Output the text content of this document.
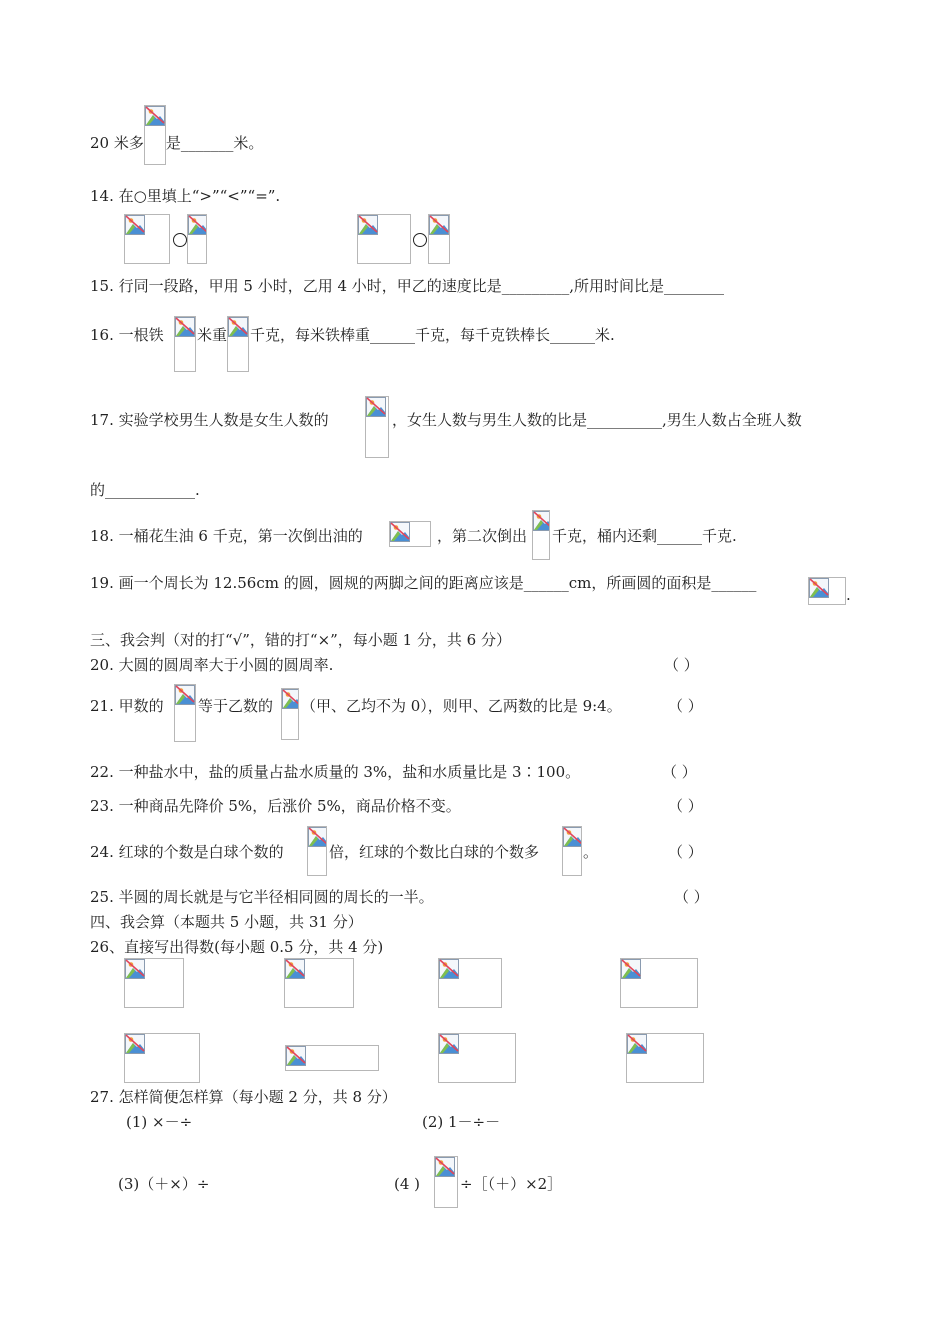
20 米多 是_______米。
14. 在○里填上“>”“<”“=”.
15. 行同一段路，甲用 5 小时，乙用 4 小时，甲乙的速度比是_________,所用时间比是________
16. 一根铁 米重 千克，每米铁棒重______千克，每千克铁棒长______米.
17. 实验学校男生人数是女生人数的	，女生人数与男生人数的比是__________,男生人数占全班人数
的____________.
18. 一桶花生油 6 千克，第一次倒出油的	，第二次倒出 千克，桶内还剩______千克.
19. 画一个周长为 12.56cm 的圆，圆规的两脚之间的距离应该是______cm，所画圆的面积是______
.
三、我会判（对的打“√”，错的打“×”，每小题 1 分，共 6 分）
20. 大圆的圆周率大于小圆的圆周率.	（ ）
21. 甲数的 等于乙数的 （甲、乙均不为 0），则甲、乙两数的比是 9:4。	（ ）
22. 一种盐水中，盐的质量占盐水质量的 3%，盐和水质量比是 3∶100。	（ ）
23. 一种商品先降价 5%，后涨价 5%，商品价格不变。	（ ）
24. 红球的个数是白球个数的	倍，红球的个数比白球的个数多	。	（ ）
25. 半圆的周长就是与它半径相同圆的周长的一半。	（ ）
四、我会算（本题共 5 小题，共 31 分）
26、直接写出得数(每小题 0.5 分，共 4 分)
27. 怎样简便怎样算（每小题 2 分，共 8 分）
(1) ×－÷	(2) 1－÷－
(3)（＋×）÷	(4 )	÷［（＋）×2］
